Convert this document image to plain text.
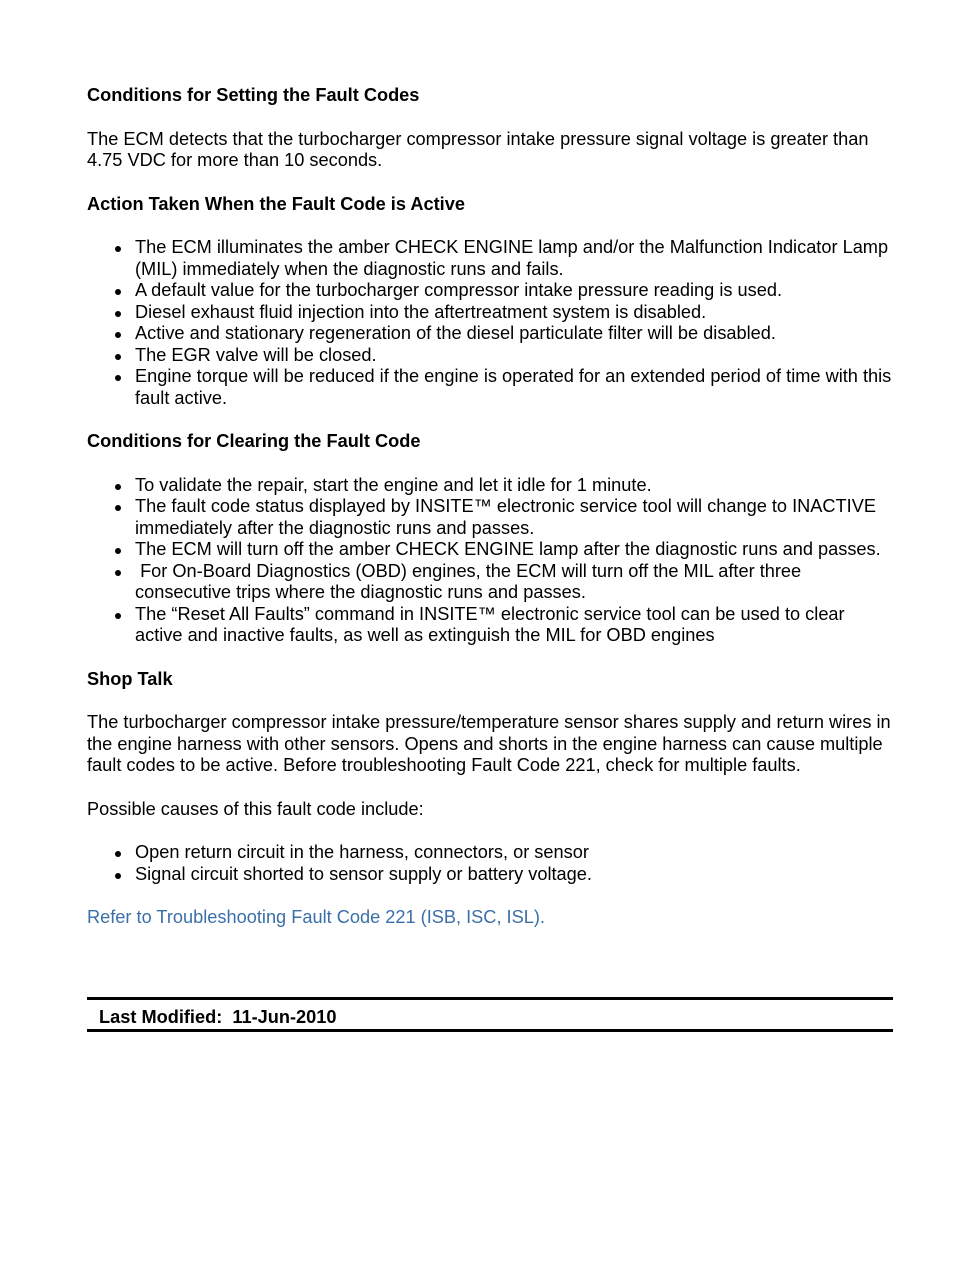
Conditions for Setting the Fault Codes

The ECM detects that the turbocharger compressor intake pressure signal voltage is greater than 4.75 VDC for more than 10 seconds.

Action Taken When the Fault Code is Active

The ECM illuminates the amber CHECK ENGINE lamp and/or the Malfunction Indicator Lamp (MIL) immediately when the diagnostic runs and fails.
A default value for the turbocharger compressor intake pressure reading is used.
Diesel exhaust fluid injection into the aftertreatment system is disabled.
Active and stationary regeneration of the diesel particulate filter will be disabled.
The EGR valve will be closed.
Engine torque will be reduced if the engine is operated for an extended period of time with this fault active.

Conditions for Clearing the Fault Code

To validate the repair, start the engine and let it idle for 1 minute.
The fault code status displayed by INSITE™ electronic service tool will change to INACTIVE immediately after the diagnostic runs and passes.
The ECM will turn off the amber CHECK ENGINE lamp after the diagnostic runs and passes.
For On-Board Diagnostics (OBD) engines, the ECM will turn off the MIL after three consecutive trips where the diagnostic runs and passes.
The “Reset All Faults” command in INSITE™ electronic service tool can be used to clear active and inactive faults, as well as extinguish the MIL for OBD engines

Shop Talk

The turbocharger compressor intake pressure/temperature sensor shares supply and return wires in the engine harness with other sensors. Opens and shorts in the engine harness can cause multiple fault codes to be active. Before troubleshooting Fault Code 221, check for multiple faults.

Possible causes of this fault code include:

Open return circuit in the harness, connectors, or sensor
Signal circuit shorted to sensor supply or battery voltage.

Refer to Troubleshooting Fault Code 221 (ISB, ISC, ISL).

Last Modified: 11-Jun-2010
